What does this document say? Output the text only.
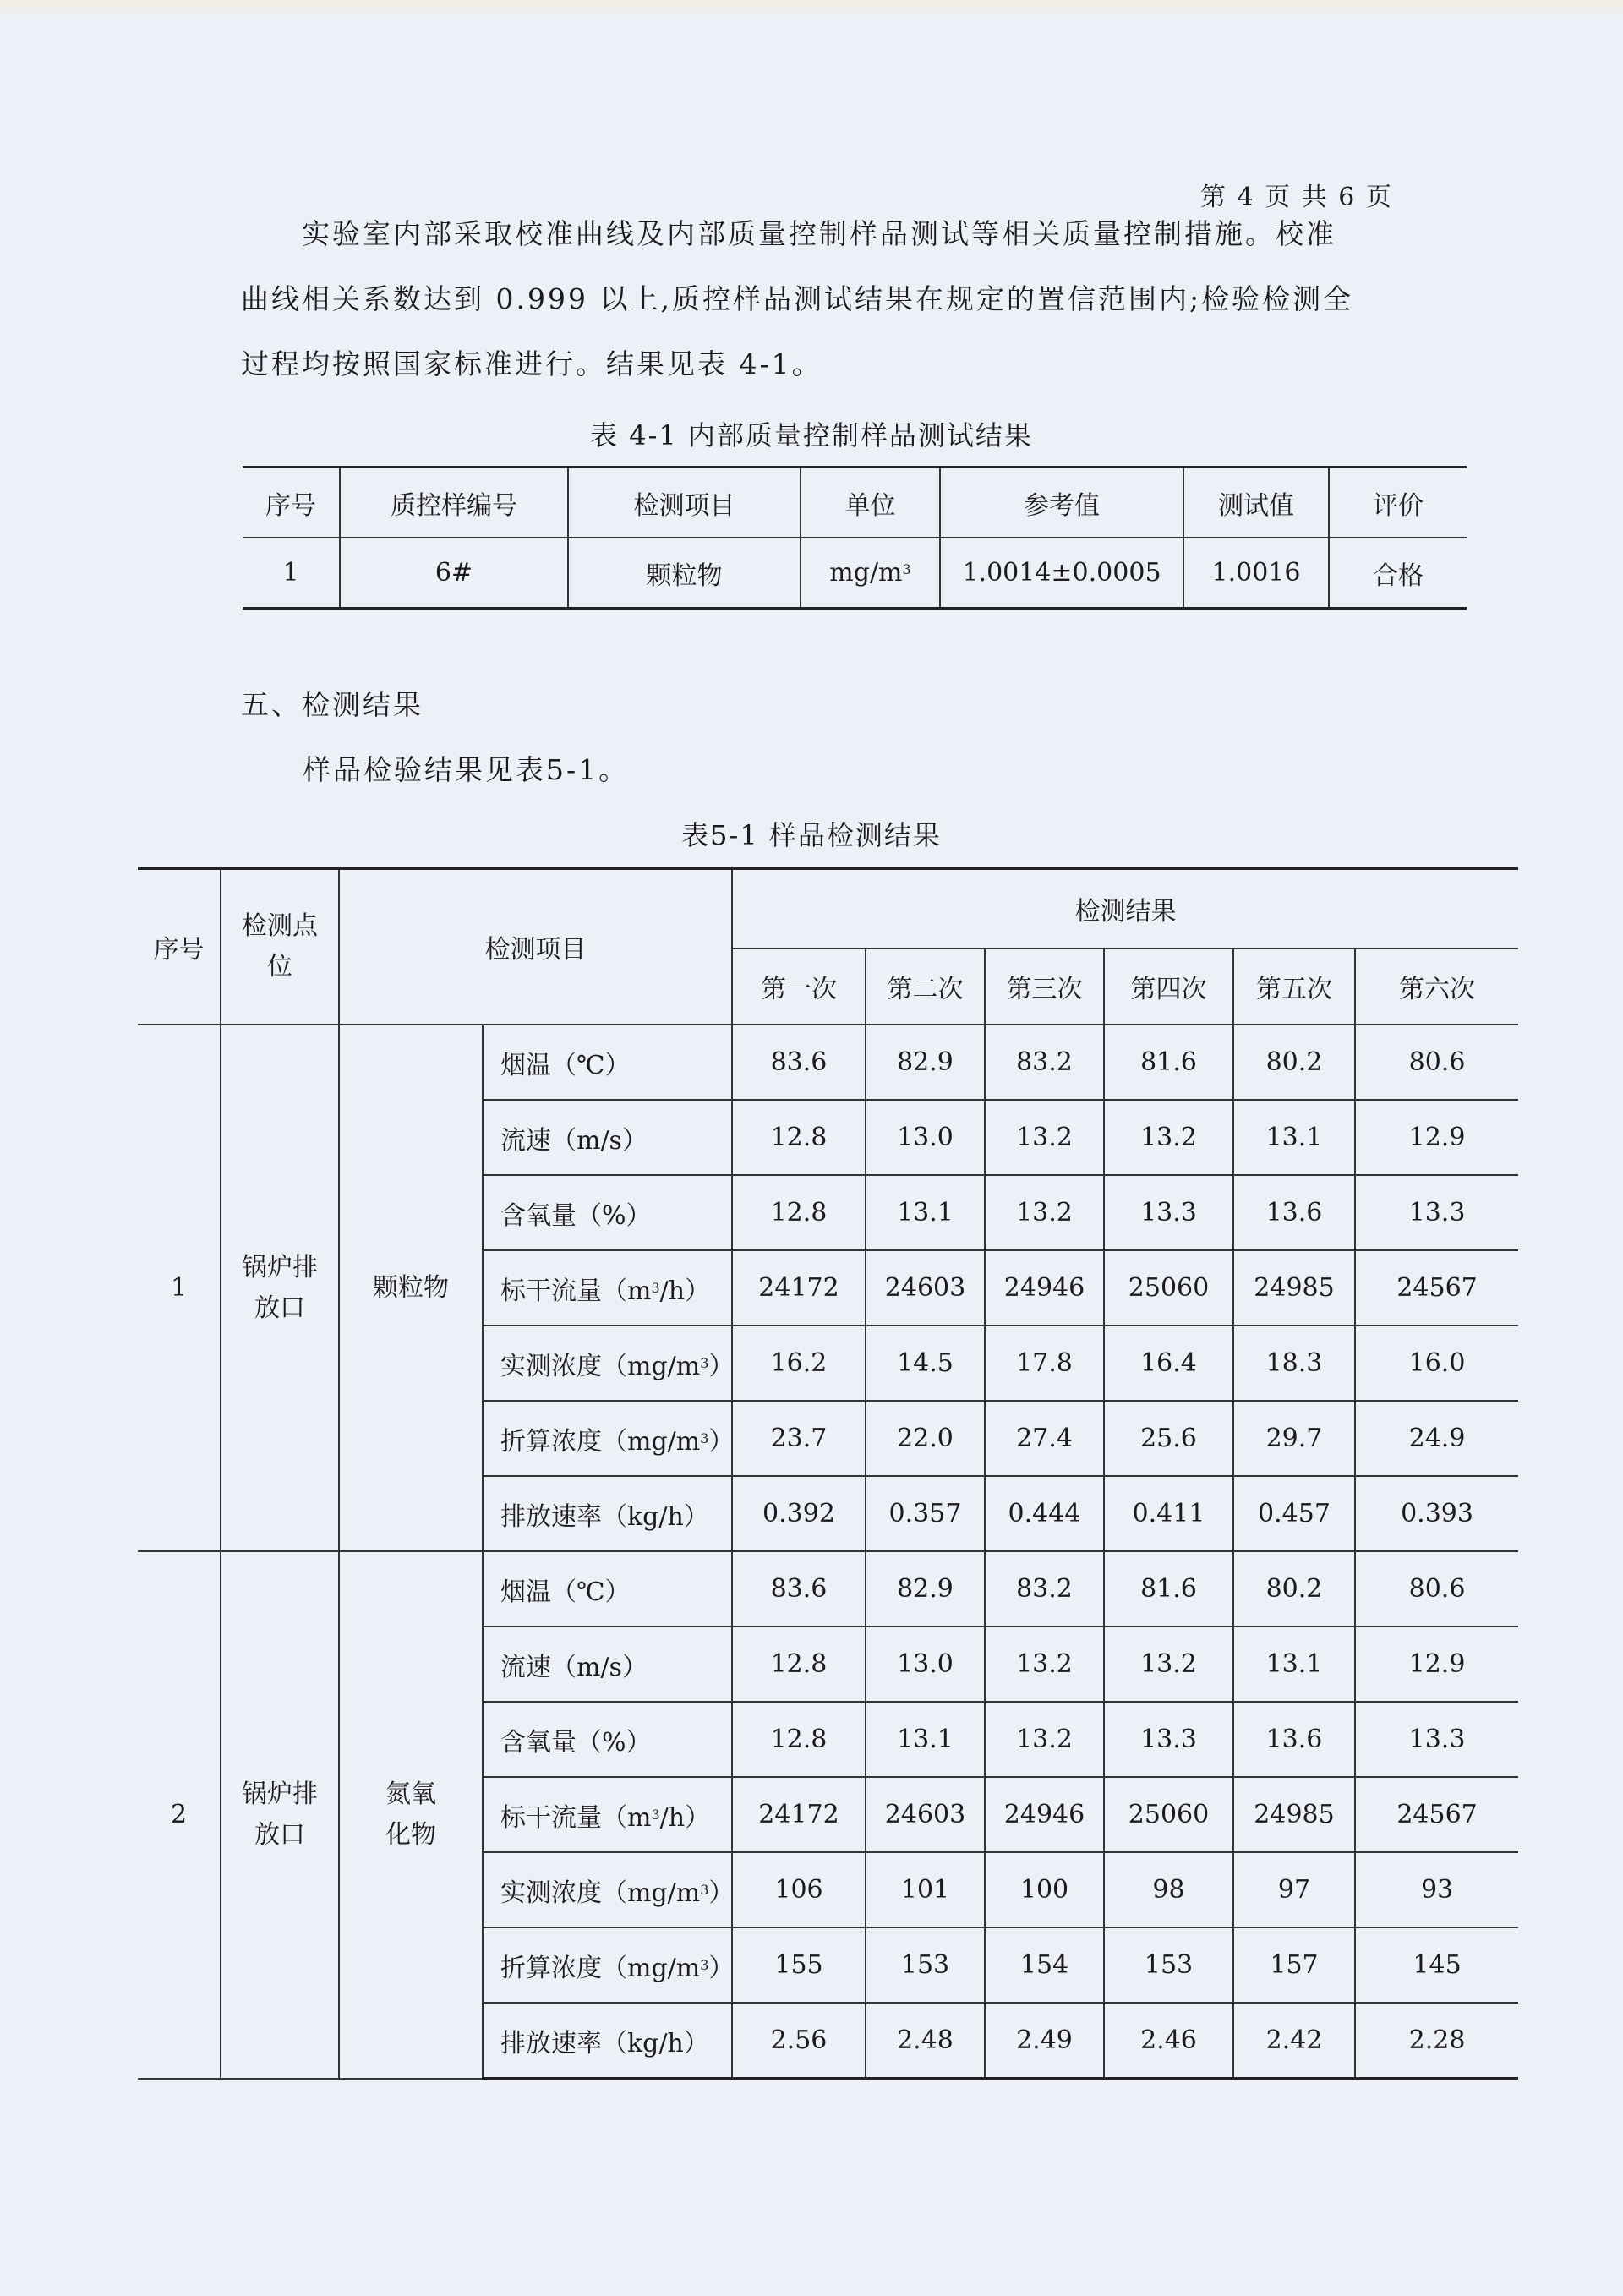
第 4 页 共 6 页
实验室内部采取校准曲线及内部质量控制样品测试等相关质量控制措施。校准
曲线相关系数达到 0.999 以上,质控样品测试结果在规定的置信范围内;检验检测全
过程均按照国家标准进行。结果见表 4-1。
表 4-1 内部质量控制样品测试结果
序号	质控样编号	检测项目	单位	参考值	测试值	评价
1	6#	颗粒物	$mg/m^3$	1.0014±0.0005	1.0016	合格
五、检测结果
样品检验结果见表5-1。
表5-1 样品检测结果
序号	检测点位	检测项目		检测结果					
				第一次	第二次	第三次	第四次	第五次	第六次
1	锅炉排放口	颗粒物	烟温（℃）	83.6	82.9	83.2	81.6	80.2	80.6
			流速（m/s）	12.8	13.0	13.2	13.2	13.1	12.9
			含氧量（%）	12.8	13.1	13.2	13.3	13.6	13.3
			标干流量$(m^3/h)$	24172	24603	24946	25060	24985	24567
			实测浓度$(mg/m^3)$	16.2	14.5	17.8	16.4	18.3	16.0
			折算浓度$(mg/m^3)$	23.7	22.0	27.4	25.6	29.7	24.9
			排放速率（kg/h）	0.392	0.357	0.444	0.411	0.457	0.393
2	锅炉排放口	氮氧化物	烟温（℃）	83.6	82.9	83.2	81.6	80.2	80.6
			流速（m/s）	12.8	13.0	13.2	13.2	13.1	12.9
			含氧量（%）	12.8	13.1	13.2	13.3	13.6	13.3
			标干流量$(m^3/h)$	24172	24603	24946	25060	24985	24567
			实测浓度$(mg/m^3)$	106	101	100	98	97	93
			折算浓度$(mg/m^3)$	155	153	154	153	157	145
			排放速率（kg/h）	2.56	2.48	2.49	2.46	2.42	2.28
